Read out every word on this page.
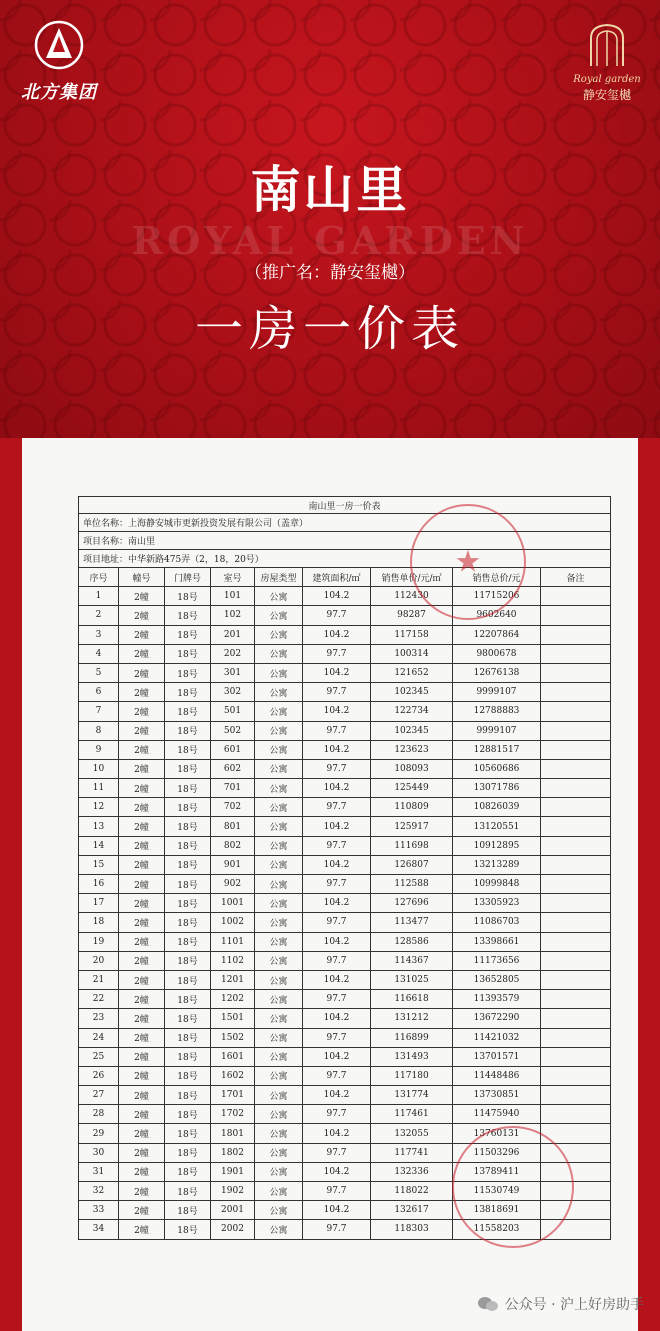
北方集团
Royal garden
静安玺樾
南山里
ROYAL GARDEN
（推广名：静安玺樾）
一房一价表
南山里一房一价表								
单位名称：上海静安城市更新投资发展有限公司（盖章）								
项目名称：南山里								
项目地址：中华新路475弄（2，18，20号）								
序号	幢号	门牌号	室号	房屋类型	建筑面积/㎡	销售单价/元/㎡	销售总价/元	备注
1	2幢	18号	101	公寓	104.2	112430	11715206	
2	2幢	18号	102	公寓	97.7	98287	9602640	
3	2幢	18号	201	公寓	104.2	117158	12207864	
4	2幢	18号	202	公寓	97.7	100314	9800678	
5	2幢	18号	301	公寓	104.2	121652	12676138	
6	2幢	18号	302	公寓	97.7	102345	9999107	
7	2幢	18号	501	公寓	104.2	122734	12788883	
8	2幢	18号	502	公寓	97.7	102345	9999107	
9	2幢	18号	601	公寓	104.2	123623	12881517	
10	2幢	18号	602	公寓	97.7	108093	10560686	
11	2幢	18号	701	公寓	104.2	125449	13071786	
12	2幢	18号	702	公寓	97.7	110809	10826039	
13	2幢	18号	801	公寓	104.2	125917	13120551	
14	2幢	18号	802	公寓	97.7	111698	10912895	
15	2幢	18号	901	公寓	104.2	126807	13213289	
16	2幢	18号	902	公寓	97.7	112588	10999848	
17	2幢	18号	1001	公寓	104.2	127696	13305923	
18	2幢	18号	1002	公寓	97.7	113477	11086703	
19	2幢	18号	1101	公寓	104.2	128586	13398661	
20	2幢	18号	1102	公寓	97.7	114367	11173656	
21	2幢	18号	1201	公寓	104.2	131025	13652805	
22	2幢	18号	1202	公寓	97.7	116618	11393579	
23	2幢	18号	1501	公寓	104.2	131212	13672290	
24	2幢	18号	1502	公寓	97.7	116899	11421032	
25	2幢	18号	1601	公寓	104.2	131493	13701571	
26	2幢	18号	1602	公寓	97.7	117180	11448486	
27	2幢	18号	1701	公寓	104.2	131774	13730851	
28	2幢	18号	1702	公寓	97.7	117461	11475940	
29	2幢	18号	1801	公寓	104.2	132055	13760131	
30	2幢	18号	1802	公寓	97.7	117741	11503296	
31	2幢	18号	1901	公寓	104.2	132336	13789411	
32	2幢	18号	1902	公寓	97.7	118022	11530749	
33	2幢	18号	2001	公寓	104.2	132617	13818691	
34	2幢	18号	2002	公寓	97.7	118303	11558203	
★
公众号 · 沪上好房助手
